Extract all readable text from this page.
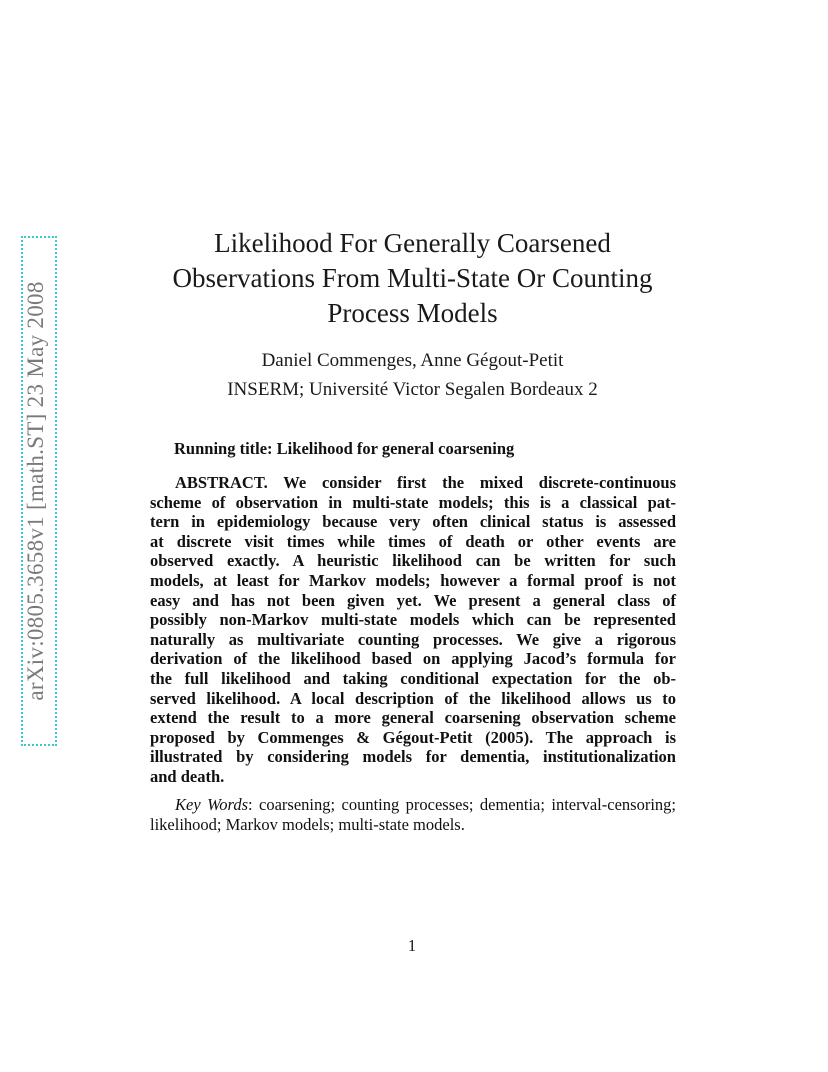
arXiv:0805.3658v1 [math.ST] 23 May 2008
Likelihood For Generally Coarsened
Observations From Multi-State Or Counting
Process Models
Daniel Commenges, Anne Gégout-Petit
INSERM; Université Victor Segalen Bordeaux 2
Running title: Likelihood for general coarsening
ABSTRACT. We consider first the mixed discrete-continuous
scheme of observation in multi-state models; this is a classical pat-
tern in epidemiology because very often clinical status is assessed
at discrete visit times while times of death or other events are
observed exactly. A heuristic likelihood can be written for such
models, at least for Markov models; however a formal proof is not
easy and has not been given yet. We present a general class of
possibly non-Markov multi-state models which can be represented
naturally as multivariate counting processes. We give a rigorous
derivation of the likelihood based on applying Jacod’s formula for
the full likelihood and taking conditional expectation for the ob-
served likelihood. A local description of the likelihood allows us to
extend the result to a more general coarsening observation scheme
proposed by Commenges & Gégout-Petit (2005). The approach is
illustrated by considering models for dementia, institutionalization
and death.
Key Words: coarsening; counting processes; dementia; interval-censoring;
likelihood; Markov models; multi-state models.
1
